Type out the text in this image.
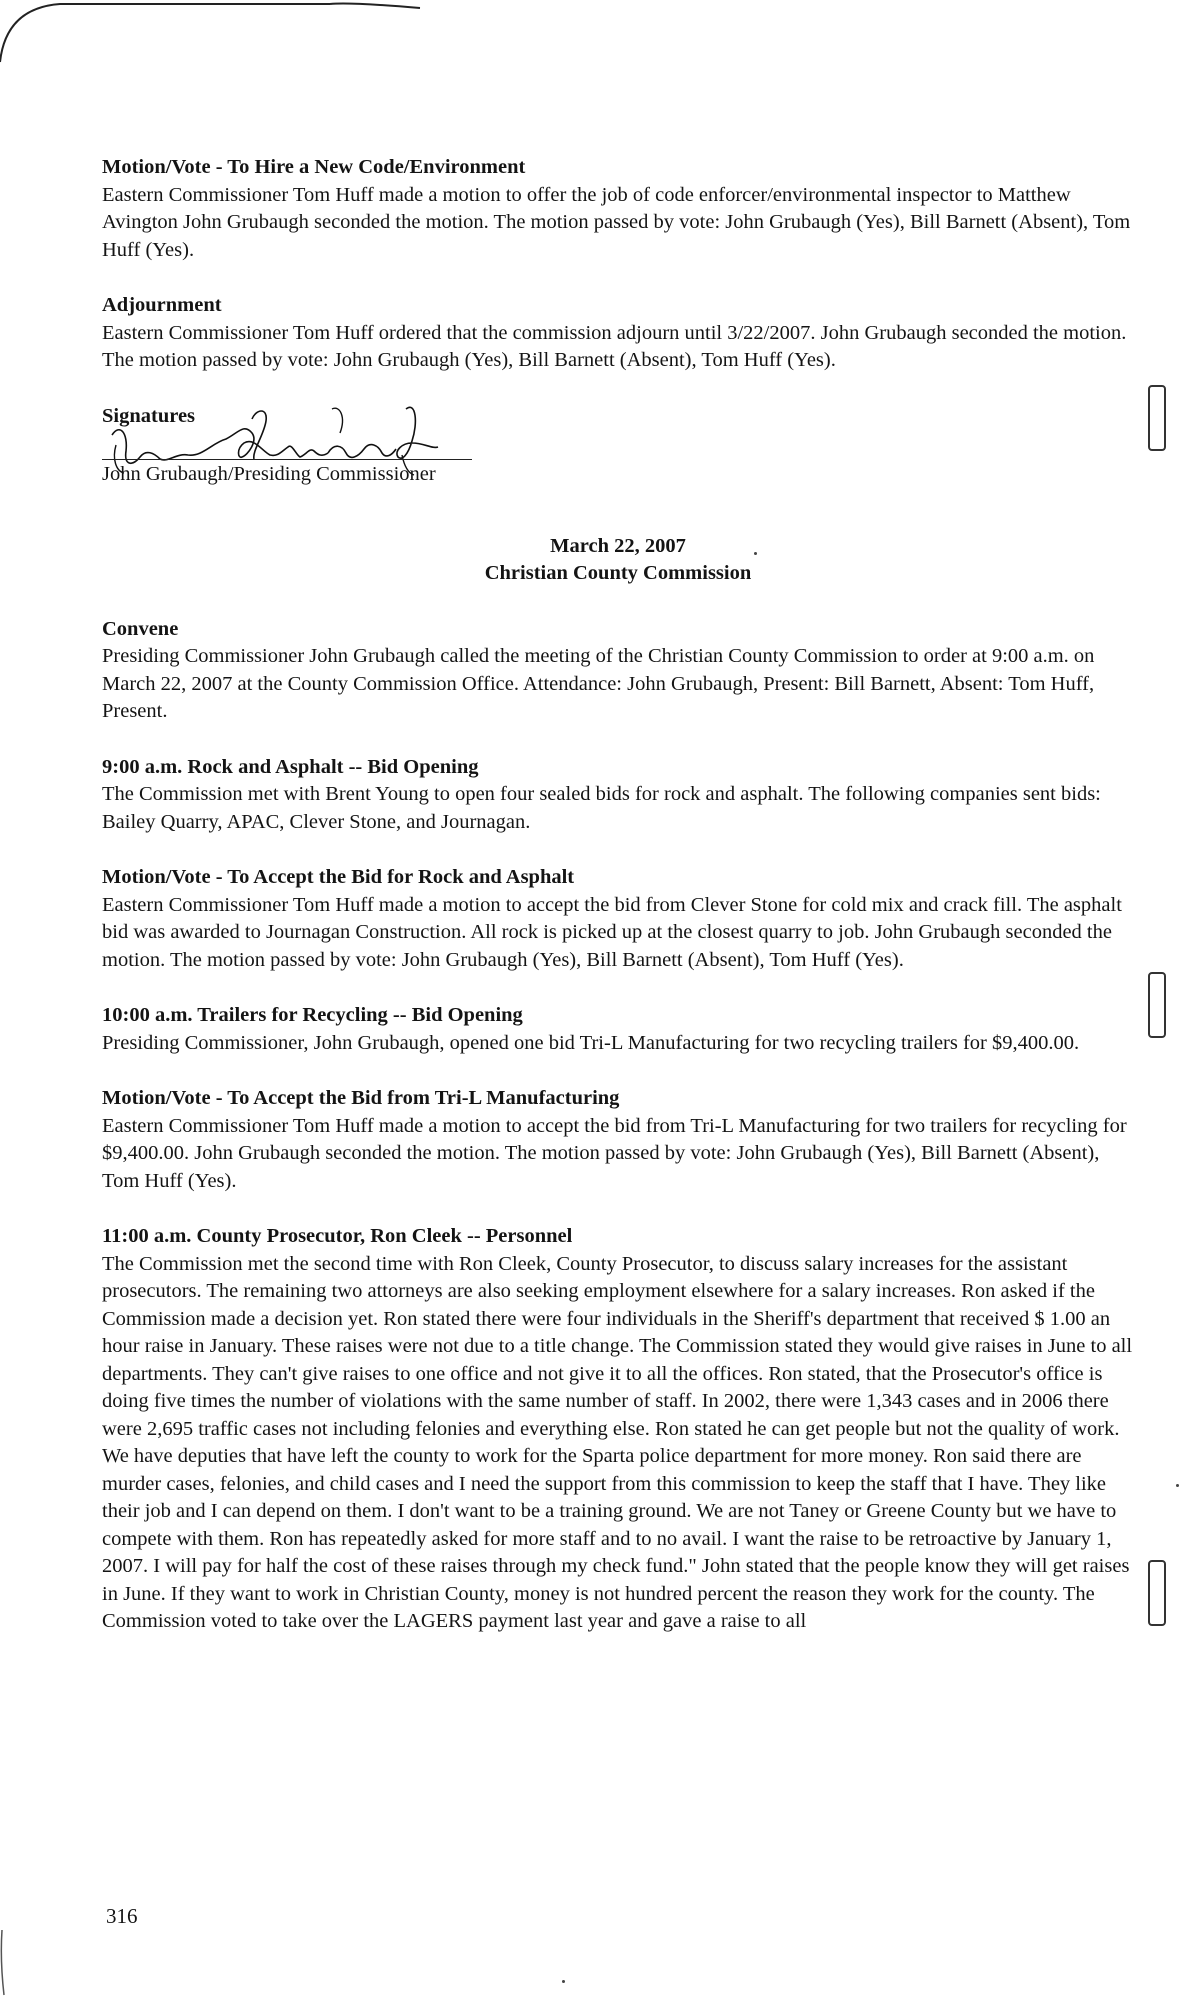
Motion/Vote - To Hire a New Code/Environment

Eastern Commissioner Tom Huff made a motion to offer the job of code enforcer/environmental inspector to Matthew Avington John Grubaugh seconded the motion. The motion passed by vote: John Grubaugh (Yes), Bill Barnett (Absent), Tom Huff (Yes).

Adjournment

Eastern Commissioner Tom Huff ordered that the commission adjourn until 3/22/2007. John Grubaugh seconded the motion. The motion passed by vote: John Grubaugh (Yes), Bill Barnett (Absent), Tom Huff (Yes).

Signatures
John Grubaugh/Presiding Commissioner
March 22, 2007
Christian County Commission
Convene

Presiding Commissioner John Grubaugh called the meeting of the Christian County Commission to order at 9:00 a.m. on March 22, 2007 at the County Commission Office. Attendance: John Grubaugh, Present: Bill Barnett, Absent: Tom Huff, Present.

9:00 a.m. Rock and Asphalt -- Bid Opening

The Commission met with Brent Young to open four sealed bids for rock and asphalt. The following companies sent bids: Bailey Quarry, APAC, Clever Stone, and Journagan.

Motion/Vote - To Accept the Bid for Rock and Asphalt

Eastern Commissioner Tom Huff made a motion to accept the bid from Clever Stone for cold mix and crack fill. The asphalt bid was awarded to Journagan Construction. All rock is picked up at the closest quarry to job. John Grubaugh seconded the motion. The motion passed by vote: John Grubaugh (Yes), Bill Barnett (Absent), Tom Huff (Yes).

10:00 a.m. Trailers for Recycling -- Bid Opening

Presiding Commissioner, John Grubaugh, opened one bid Tri-L Manufacturing for two recycling trailers for $9,400.00.

Motion/Vote - To Accept the Bid from Tri-L Manufacturing

Eastern Commissioner Tom Huff made a motion to accept the bid from Tri-L Manufacturing for two trailers for recycling for $9,400.00. John Grubaugh seconded the motion. The motion passed by vote: John Grubaugh (Yes), Bill Barnett (Absent), Tom Huff (Yes).

11:00 a.m. County Prosecutor, Ron Cleek -- Personnel

The Commission met the second time with Ron Cleek, County Prosecutor, to discuss salary increases for the assistant prosecutors. The remaining two attorneys are also seeking employment elsewhere for a salary increases. Ron asked if the Commission made a decision yet. Ron stated there were four individuals in the Sheriff's department that received $ 1.00 an hour raise in January. These raises were not due to a title change. The Commission stated they would give raises in June to all departments. They can't give raises to one office and not give it to all the offices. Ron stated, that the Prosecutor's office is doing five times the number of violations with the same number of staff. In 2002, there were 1,343 cases and in 2006 there were 2,695 traffic cases not including felonies and everything else. Ron stated he can get people but not the quality of work. We have deputies that have left the county to work for the Sparta police department for more money. Ron said there are murder cases, felonies, and child cases and I need the support from this commission to keep the staff that I have. They like their job and I can depend on them. I don't want to be a training ground. We are not Taney or Greene County but we have to compete with them. Ron has repeatedly asked for more staff and to no avail. I want the raise to be retroactive by January 1, 2007. I will pay for half the cost of these raises through my check fund." John stated that the people know they will get raises in June. If they want to work in Christian County, money is not hundred percent the reason they work for the county. The Commission voted to take over the LAGERS payment last year and gave a raise to all

316
